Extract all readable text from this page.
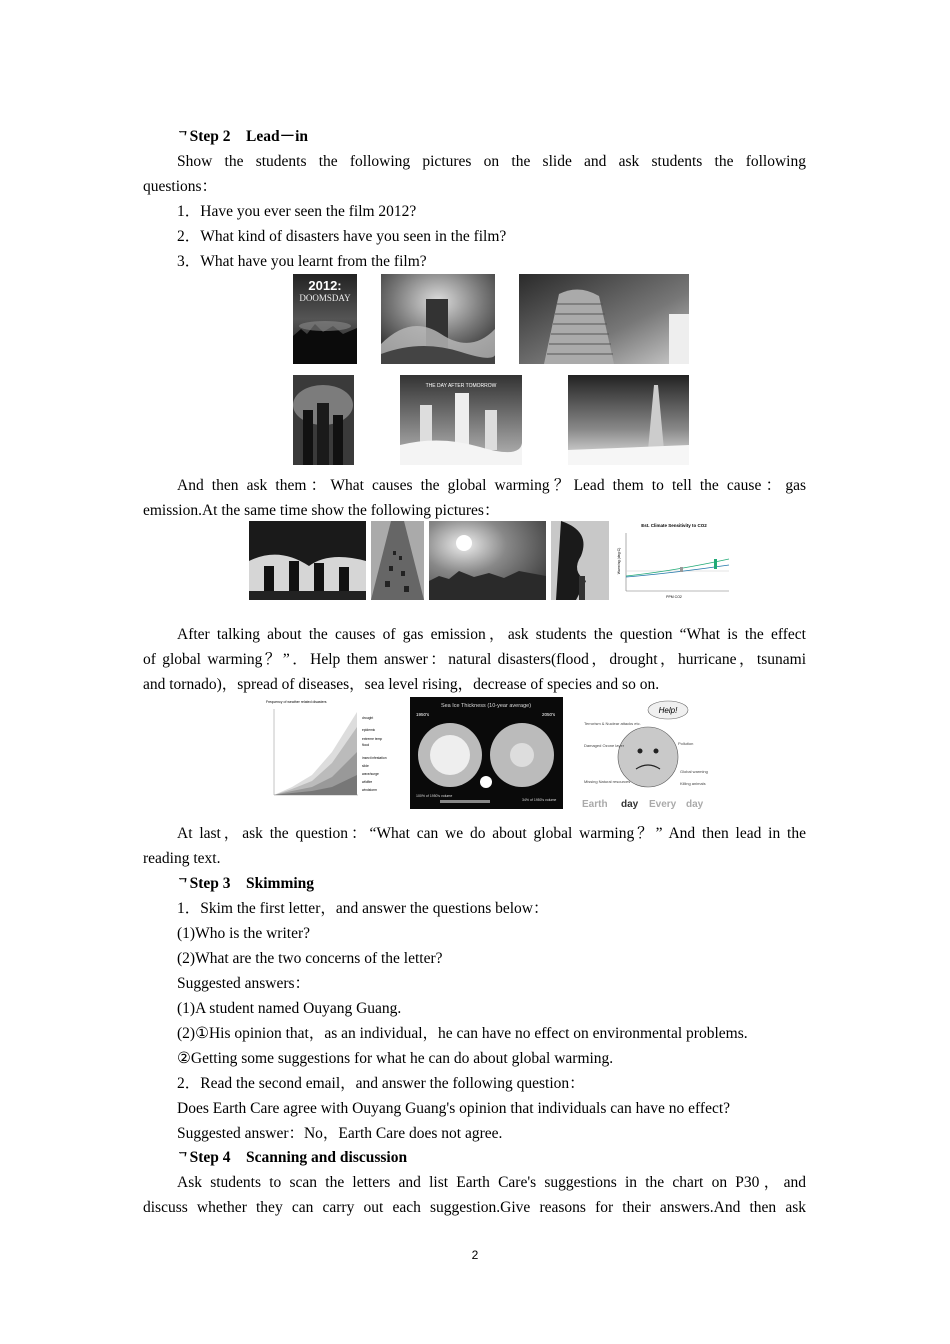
ᄀStep 2　Lead－in
Show the students the following pictures on the slide and ask students the following
questions：
1．Have you ever seen the film 2012?
2．What kind of disasters have you seen in the film?
3．What have you learnt from the film?
2012:
DOOMSDAY
THE DAY AFTER TOMORROW
And then ask them：What causes the global warming？Lead them to tell the cause：gas
emission.At the same time show the following pictures：
Est. Climate Sensitivity to CO2
PPM CO2
Warming (deg C)
After talking about the causes of gas emission，ask students the question “What is the effect
of global warming？”．Help them answer：natural disasters(flood，drought，hurricane，tsunami
and tornado)，spread of diseases，sea level rising，decrease of species and so on.
Frequency of weather related disasters
drought
epidemic
extreme temp
flood
insect infestation
slide
wave/surge
wildfire
windstorm
Sea Ice Thickness (10-year average)
1950's	2050's
100% of 1950's volume
34% of 1950's volume
Help!
Terrorism & Nuclear attacks etc.
Pollution
Damaged Ozone layer
Global warming
Missing Natural resources	Killing animals
Earth day Every day
At last，ask the question：“What can we do about global warming？” And then lead in the
reading text.
ᄀStep 3　Skimming
1．Skim the first letter，and answer the questions below：
(1)Who is the writer?
(2)What are the two concerns of the letter?
Suggested answers：
(1)A student named Ouyang Guang.
(2)①His opinion that，as an individual，he can have no effect on environmental problems.
②Getting some suggestions for what he can do about global warming.
2．Read the second email，and answer the following question：
Does Earth Care agree with Ouyang Guang's opinion that individuals can have no effect?
Suggested answer：No，Earth Care does not agree.
ᄀStep 4　Scanning and discussion
Ask students to scan the letters and list Earth Care's suggestions in the chart on P30，and
discuss whether they can carry out each suggestion.Give reasons for their answers.And then ask
2
